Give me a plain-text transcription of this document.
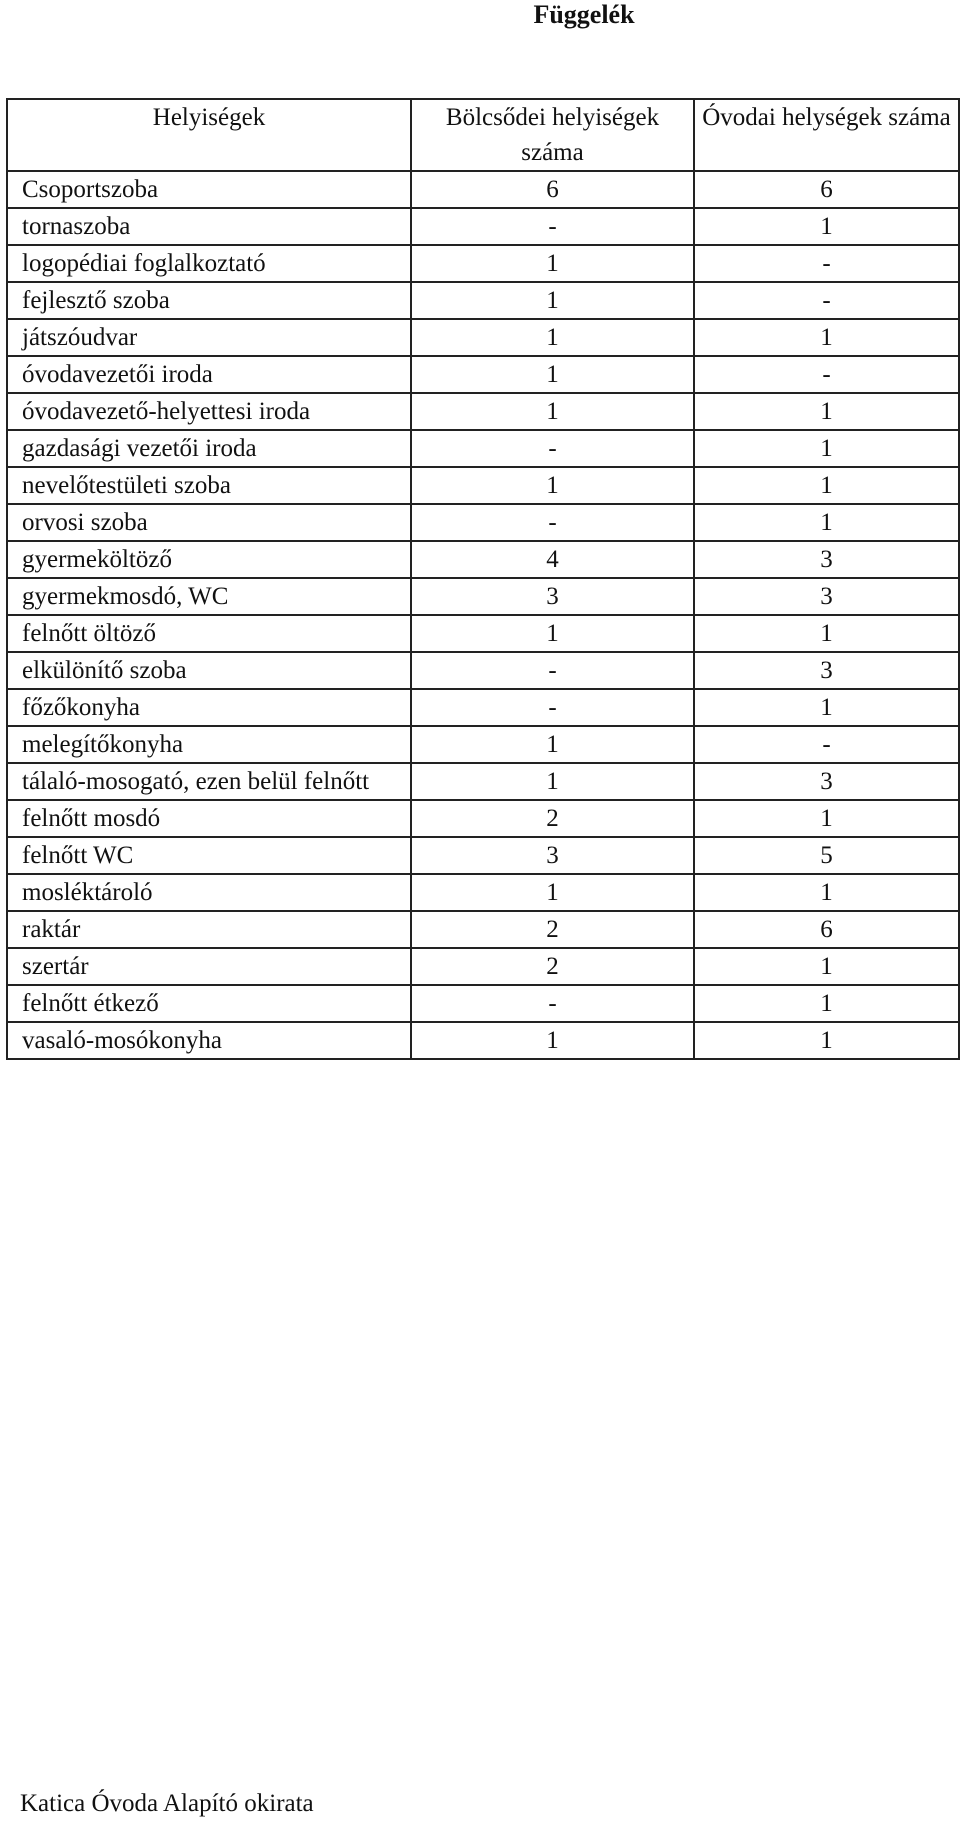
Függelék
Helyiségek	Bölcsődei helyiségek száma	Óvodai helységek száma
Csoportszoba	6	6
tornaszoba	-	1
logopédiai foglalkoztató	1	-
fejlesztő szoba	1	-
játszóudvar	1	1
óvodavezetői iroda	1	-
óvodavezető-helyettesi iroda	1	1
gazdasági vezetői iroda	-	1
nevelőtestületi szoba	1	1
orvosi szoba	-	1
gyermeköltöző	4	3
gyermekmosdó, WC	3	3
felnőtt öltöző	1	1
elkülönítő szoba	-	3
főzőkonyha	-	1
melegítőkonyha	1	-
tálaló-mosogató, ezen belül felnőtt	1	3
felnőtt mosdó	2	1
felnőtt WC	3	5
mosléktároló	1	1
raktár	2	6
szertár	2	1
felnőtt étkező	-	1
vasaló-mosókonyha	1	1
Katica Óvoda Alapító okirata
